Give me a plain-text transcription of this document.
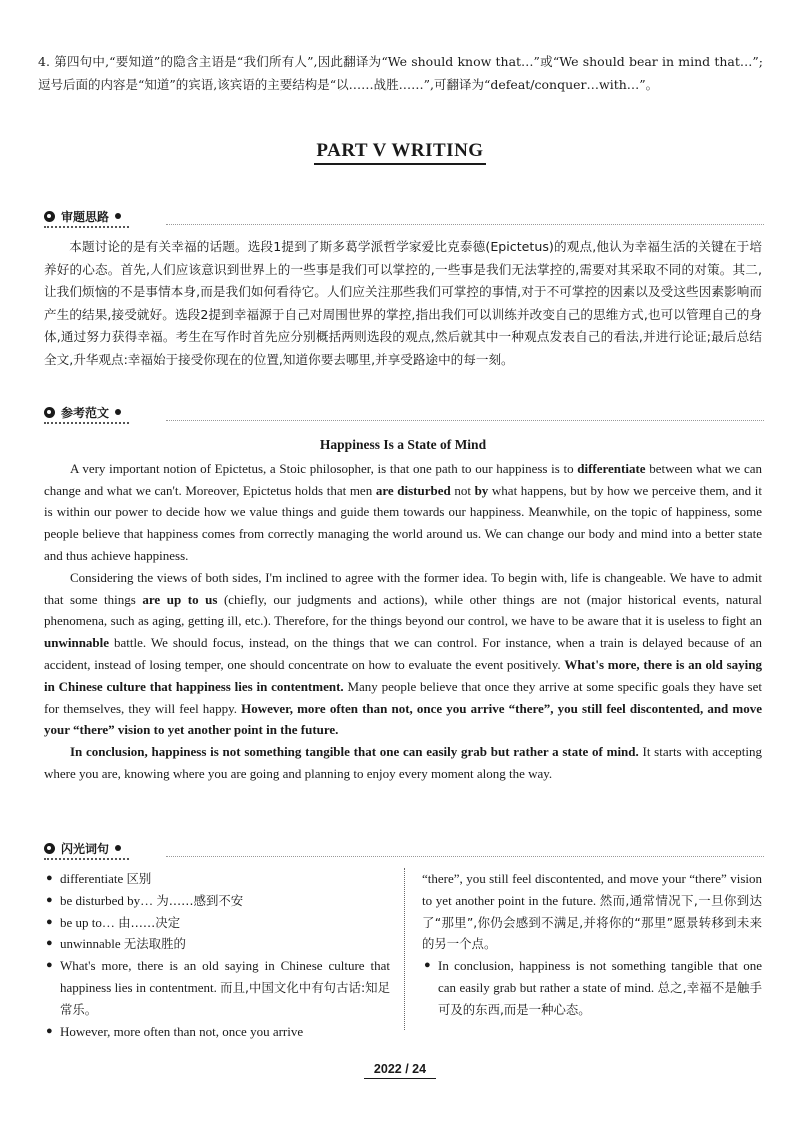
4. 第四句中,“要知道”的隐含主语是“我们所有人”,因此翻译为“We should know that…”或“We should bear in mind that…”;逗号后面的内容是“知道”的宾语,该宾语的主要结构是“以……战胜……”,可翻译为“defeat/conquer…with…”。
PART V WRITING
审题思路
本题讨论的是有关幸福的话题。选段1提到了斯多葛学派哲学家爱比克泰德(Epictetus)的观点,他认为幸福生活的关键在于培养好的心态。首先,人们应该意识到世界上的一些事是我们可以掌控的,一些事是我们无法掌控的,需要对其采取不同的对策。其二,让我们烦恼的不是事情本身,而是我们如何看待它。人们应关注那些我们可掌控的事情,对于不可掌控的因素以及受这些因素影响而产生的结果,接受就好。选段2提到幸福源于自己对周围世界的掌控,指出我们可以训练并改变自己的思维方式,也可以管理自己的身体,通过努力获得幸福。考生在写作时首先应分别概括两则选段的观点,然后就其中一种观点发表自己的看法,并进行论证;最后总结全文,升华观点:幸福始于接受你现在的位置,知道你要去哪里,并享受路途中的每一刻。
参考范文
Happiness Is a State of Mind

A very important notion of Epictetus, a Stoic philosopher, is that one path to our happiness is to differentiate between what we can change and what we can't. Moreover, Epictetus holds that men are disturbed not by what happens, but by how we perceive them, and it is within our power to decide how we value things and guide them towards our happiness. Meanwhile, on the topic of happiness, some people believe that happiness comes from correctly managing the world around us. We can change our body and mind into a better state and thus achieve happiness.

Considering the views of both sides, I'm inclined to agree with the former idea. To begin with, life is changeable. We have to admit that some things are up to us (chiefly, our judgments and actions), while other things are not (major historical events, natural phenomena, such as aging, getting ill, etc.). Therefore, for the things beyond our control, we have to be aware that it is useless to fight an unwinnable battle. We should focus, instead, on the things that we can control. For instance, when a train is delayed because of an accident, instead of losing temper, one should concentrate on how to evaluate the event positively. What's more, there is an old saying in Chinese culture that happiness lies in contentment. Many people believe that once they arrive at some specific goals they have set for themselves, they will feel happy. However, more often than not, once you arrive “there”, you still feel discontented, and move your “there” vision to yet another point in the future.

In conclusion, happiness is not something tangible that one can easily grab but rather a state of mind. It starts with accepting where you are, knowing where you are going and planning to enjoy every moment along the way.

闪光词句
● differentiate 区别
● be disturbed by… 为……感到不安
● be up to… 由……决定
● unwinnable 无法取胜的
● What's more, there is an old saying in Chinese culture that happiness lies in contentment. 而且,中国文化中有句古话:知足常乐。
● However, more often than not, once you arrive
“there”, you still feel discontented, and move your “there” vision to yet another point in the future. 然而,通常情况下,一旦你到达了“那里”,你仍会感到不满足,并将你的“那里”愿景转移到未来的另一个点。
● In conclusion, happiness is not something tangible that one can easily grab but rather a state of mind. 总之,幸福不是触手可及的东西,而是一种心态。
2022 / 24
